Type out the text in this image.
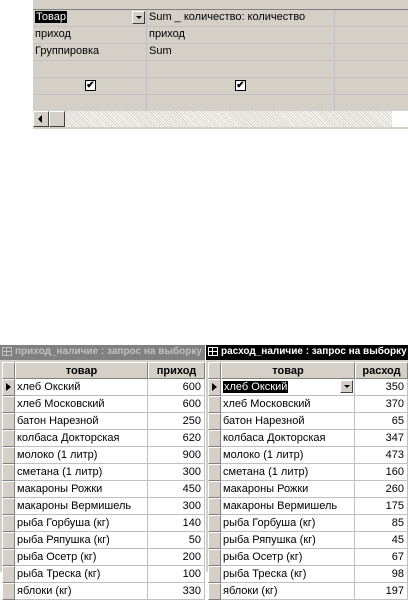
Товар	Sum _ количество: количество
приход	приход
Группировка	Sum
✔	✔
приход_наличие : запрос на выборку
товар	приход
хлеб Окский	600
хлеб Московский	600
батон Нарезной	250
колбаса Докторская	620
молоко (1 литр)	900
сметана (1 литр)	300
макароны Рожки	450
макароны Вермишель	300
рыба Горбуша (кг)	140
рыба Ряпушка (кг)	50
рыба Осетр (кг)	200
рыба Треска (кг)	100
яблоки (кг)	330
расход_наличие : запрос на выборку
товар	расход
хлеб Окский	350
хлеб Московский	370
батон Нарезной	65
колбаса Докторская	347
молоко (1 литр)	473
сметана (1 литр)	160
макароны Рожки	260
макароны Вермишель	175
рыба Горбуша (кг)	85
рыба Ряпушка (кг)	45
рыба Осетр (кг)	67
рыба Треска (кг)	98
яблоки (кг)	197
